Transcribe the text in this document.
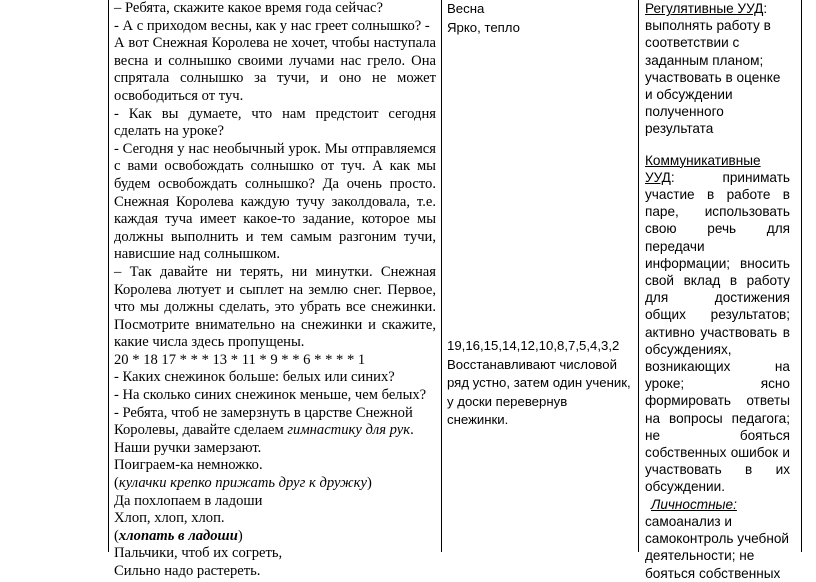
– Ребята, скажите какое время года сейчас?

- А с приходом весны, как у нас греет солнышко? -

А вот Снежная Королева не хочет, чтобы наступала весна и солнышко своими лучами нас грело. Она спрятала солнышко за тучи, и оно не может освободиться от туч.

- Как вы думаете, что нам предстоит сегодня сделать на уроке?

- Сегодня у нас необычный урок. Мы отправляемся с вами освобождать солнышко от туч. А как мы будем освобождать солнышко? Да очень просто. Снежная Королева каждую тучу заколдовала, т.е. каждая туча имеет какое-то задание, которое мы должны выполнить и тем самым разгоним тучи, нависшие над солнышком.

– Так давайте ни терять, ни минутки. Снежная Королева лютует и сыплет на землю снег. Первое, что мы должны сделать, это убрать все снежинки. Посмотрите внимательно на снежинки и скажите, какие числа здесь пропущены.

20 * 18 17 * * * 13 * 11 * 9 * * 6 * * * * 1

- Каких снежинок больше: белых или синих?

- На сколько синих снежинок меньше, чем белых?

- Ребята, чтоб не замерзнуть в царстве Снежной Королевы, давайте сделаем гимнастику для рук.

Наши ручки замерзают.

Поиграем-ка немножко.

(кулачки крепко прижать друг к дружку)

Да похлопаем в ладоши

Хлоп, хлоп, хлоп.

(хлопать в ладоши)

Пальчики, чтоб их согреть,

Сильно надо растереть.

Весна

Ярко, тепло

19,16,15,14,12,10,8,7,5,4,3,2

Восстанавливают числовой ряд устно, затем один ученик, у доски перевернув снежинки.

Регулятивные УУД:

выполнять работу в соответствии с заданным планом; участвовать в оценке и обсуждении полученного результата

Коммуникативные УУД:	принимать участие в работе в паре, использовать свою речь для передачи информации; вносить свой вклад в работу для достижения общих результатов; активно участвовать в обсуждениях, возникающих на уроке; ясно формировать ответы на вопросы педагога; не бояться собственных ошибок и участвовать в их обсуждении.

Личностные:

самоанализ и самоконтроль учебной деятельности; не бояться собственных
